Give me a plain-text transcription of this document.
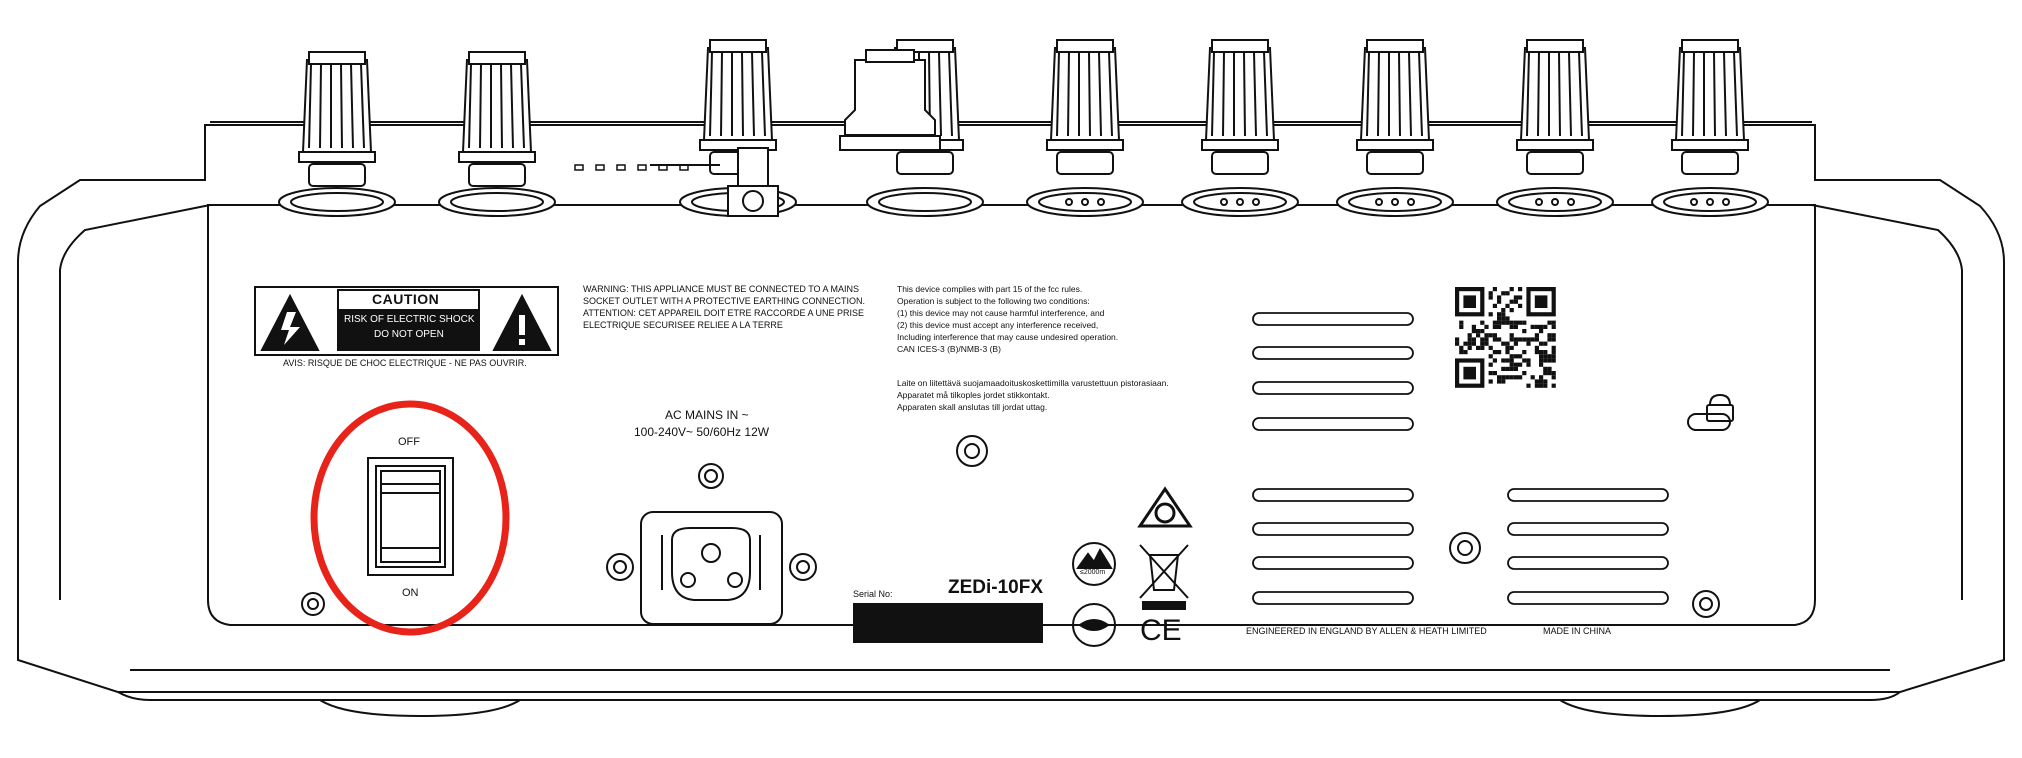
CAUTION
RISK OF ELECTRIC SHOCK
DO NOT OPEN
AVIS: RISQUE DE CHOC ELECTRIQUE - NE PAS OUVRIR.
WARNING: THIS APPLIANCE MUST BE CONNECTED TO A MAINS
SOCKET OUTLET WITH A PROTECTIVE EARTHING CONNECTION.
ATTENTION: CET APPAREIL DOIT ETRE RACCORDE A UNE PRISE
ELECTRIQUE SECURISEE RELIEE A LA TERRE
This device complies with part 15 of the fcc rules.
Operation is subject to the following two conditions:
(1) this device may not cause harmful interference, and
(2) this device must accept any interference received,
Including interference that may cause undesired operation.
CAN ICES-3 (B)/NMB-3 (B)
Laite on liitettävä suojamaadoituskoskettimilla varustettuun pistorasiaan.
Apparatet må tilkoples jordet stikkontakt.
Apparaten skall anslutas till jordat uttag.
OFF
ON
AC MAINS IN ~
100-240V~ 50/60Hz 12W
Serial No:	ZEDi-10FX
≤2000m
CE	ENGINEERED IN ENGLAND BY ALLEN & HEATH LIMITED	MADE IN CHINA
